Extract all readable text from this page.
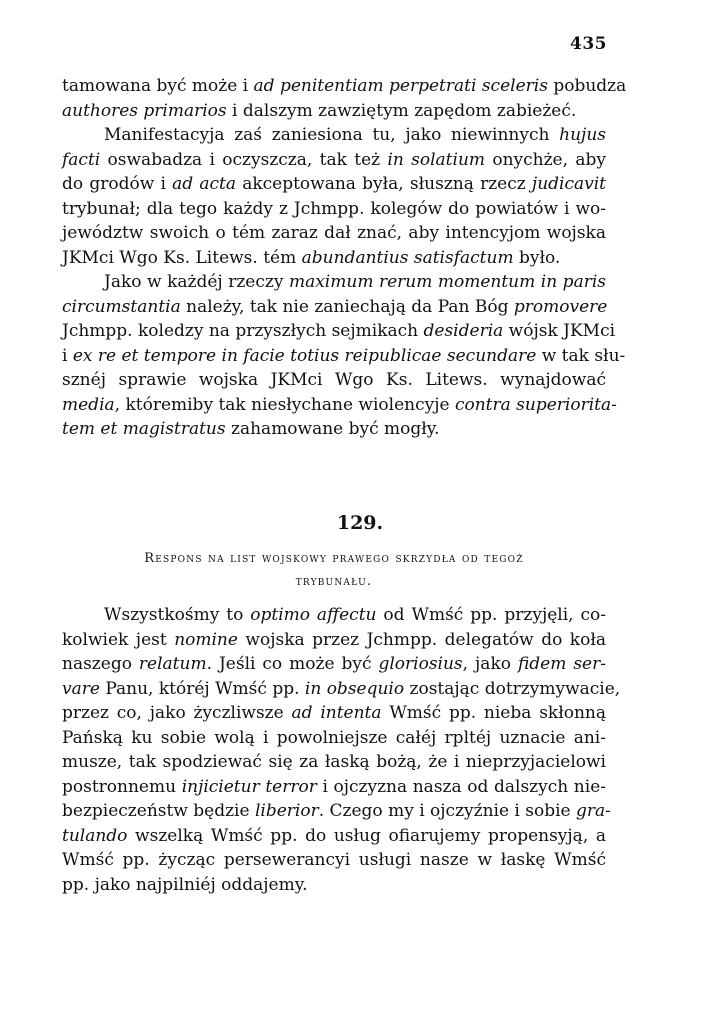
435
tamowana być może i ad penitentiam perpetrati sceleris pobudza
authores primarios i dalszym zawziętym zapędom zabieżeć.
Manifestacyja zaś zaniesiona tu, jako niewinnych hujus
facti oswabadza i oczyszcza, tak też in solatium onychże, aby
do grodów i ad acta akceptowana była, słuszną rzecz judicavit
trybunał; dla tego każdy z Jchmpp. kolegów do powiatów i wo-
jewództw swoich o tém zaraz dał znać, aby intencyjom wojska
JKMci Wgo Ks. Litews. tém abundantius satisfactum było.
Jako w każdéj rzeczy maximum rerum momentum in paris
circumstantia należy, tak nie zaniechają da Pan Bóg promovere
Jchmpp. koledzy na przyszłych sejmikach desideria wójsk JKMci
i ex re et tempore in facie totius reipublicae secundare w tak słu-
sznéj sprawie wojska JKMci Wgo Ks. Litews. wynajdować
media, któremiby tak niesłychane wiolencyje contra superiorita-
tem et magistratus zahamowane być mogły.
129.
Respons na list wojskowy prawego skrzydła od tegoż
trybunału.
Wszystkośmy to optimo affectu od Wmść pp. przyjęli, co-
kolwiek jest nomine wojska przez Jchmpp. delegatów do koła
naszego relatum. Jeśli co może być gloriosius, jako fidem ser-
vare Panu, któréj Wmść pp. in obsequio zostając dotrzymywacie,
przez co, jako życzliwsze ad intenta Wmść pp. nieba skłonną
Pańską ku sobie wolą i powolniejsze całéj rpltéj uznacie ani-
musze, tak spodziewać się za łaską bożą, że i nieprzyjacielowi
postronnemu injicietur terror i ojczyzna nasza od dalszych nie-
bezpieczeństw będzie liberior. Czego my i ojczyźnie i sobie gra-
tulando wszelką Wmść pp. do usług ofiarujemy propensyją, a
Wmść pp. życząc persewerancyi usługi nasze w łaskę Wmść
pp. jako najpilniéj oddajemy.
